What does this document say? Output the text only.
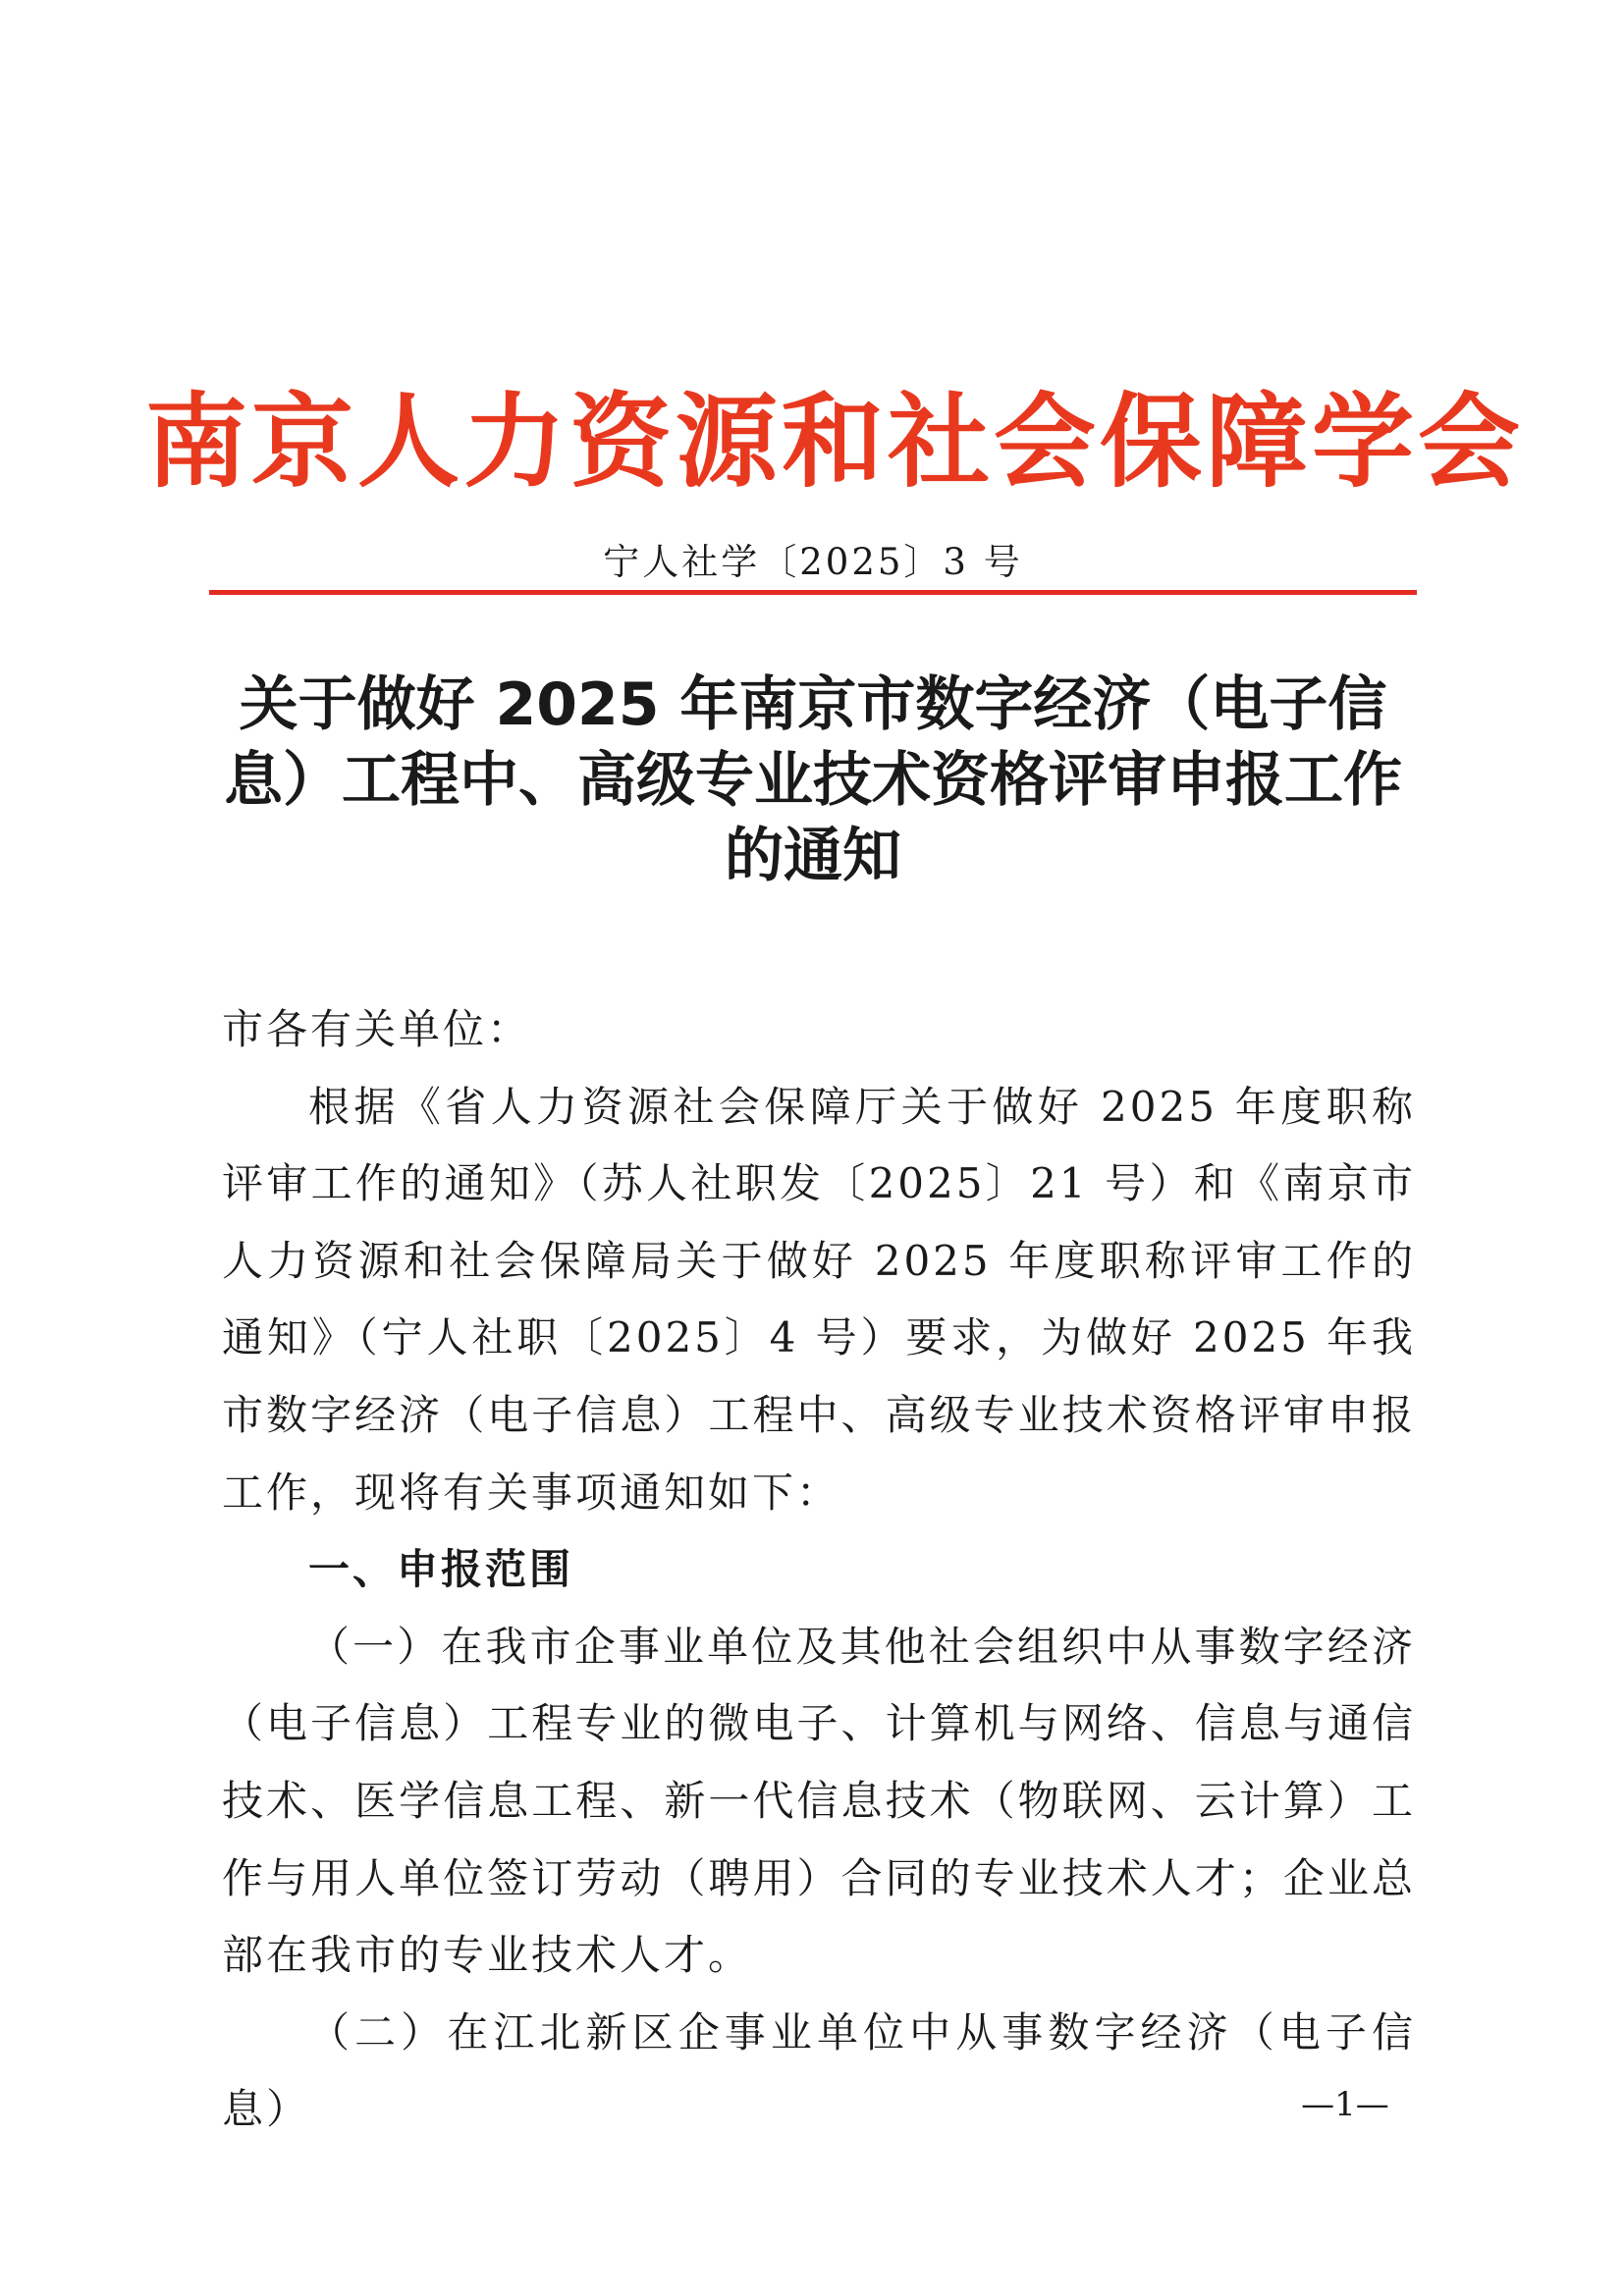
南京人力资源和社会保障学会
宁人社学〔2025〕3 号
关于做好 2025 年南京市数字经济（电子信息）工程中、高级专业技术资格评审申报工作的通知

市各有关单位：

根据《省人力资源社会保障厅关于做好 2025 年度职称评审工作的通知》（苏人社职发〔2025〕21 号）和《南京市人力资源和社会保障局关于做好 2025 年度职称评审工作的通知》（宁人社职〔2025〕4 号）要求，为做好 2025 年我市数字经济（电子信息）工程中、高级专业技术资格评审申报工作，现将有关事项通知如下：

一、申报范围

（一）在我市企事业单位及其他社会组织中从事数字经济（电子信息）工程专业的微电子、计算机与网络、信息与通信技术、医学信息工程、新一代信息技术（物联网、云计算）工作与用人单位签订劳动（聘用）合同的专业技术人才；企业总部在我市的专业技术人才。

（二）在江北新区企事业单位中从事数字经济（电子信息）	—1—
